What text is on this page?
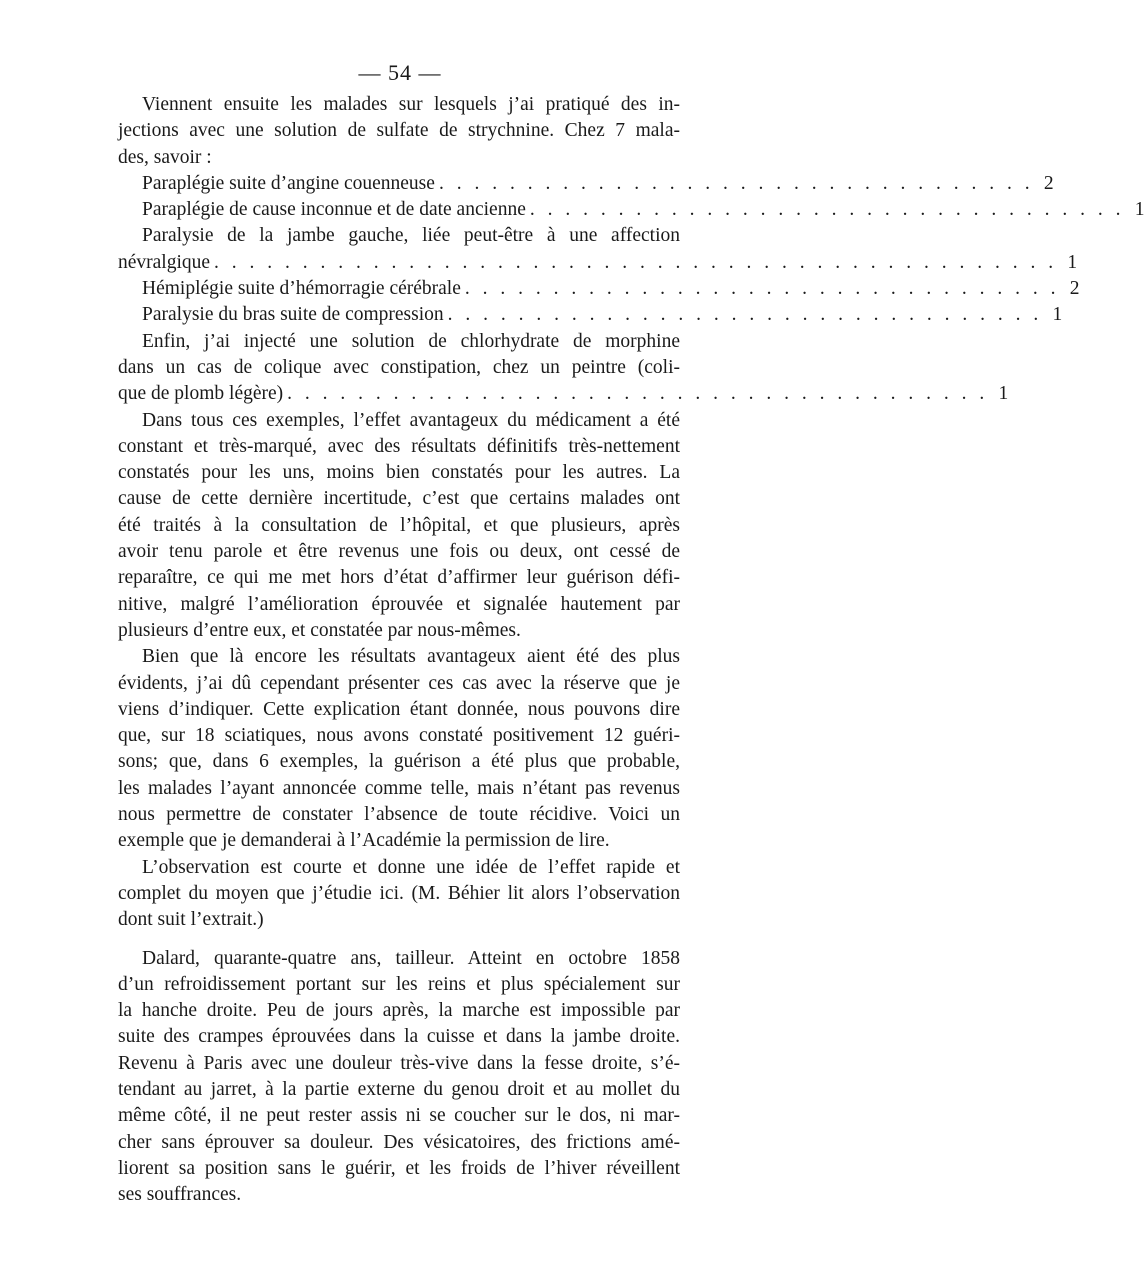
— 54 —
Viennent ensuite les malades sur lesquels j’ai pratiqué des in-
jections avec une solution de sulfate de strychnine. Chez 7 mala-
des, savoir :
Paraplégie suite d’angine couenneuse . . . . . . . . . . . . . . . . . . . . . . . . . . . . . . . . . . 2
Paraplégie de cause inconnue et de date ancienne . . . . . . . . . . . . . . . . . . . . . . . . . . . . . . . . . . 1
Paralysie de la jambe gauche, liée peut-être à une affection
névralgique . . . . . . . . . . . . . . . . . . . . . . . . . . . . . . . . . . . . . . . . . . . . . . . . 1
Hémiplégie suite d’hémorragie cérébrale . . . . . . . . . . . . . . . . . . . . . . . . . . . . . . . . . . 2
Paralysie du bras suite de compression . . . . . . . . . . . . . . . . . . . . . . . . . . . . . . . . . . 1
Enfin, j’ai injecté une solution de chlorhydrate de morphine
dans un cas de colique avec constipation, chez un peintre (coli-
que de plomb légère) . . . . . . . . . . . . . . . . . . . . . . . . . . . . . . . . . . . . . . . . 1
Dans tous ces exemples, l’effet avantageux du médicament a été
constant et très-marqué, avec des résultats définitifs très-nettement
constatés pour les uns, moins bien constatés pour les autres. La
cause de cette dernière incertitude, c’est que certains malades ont
été traités à la consultation de l’hôpital, et que plusieurs, après
avoir tenu parole et être revenus une fois ou deux, ont cessé de
reparaître, ce qui me met hors d’état d’affirmer leur guérison défi-
nitive, malgré l’amélioration éprouvée et signalée hautement par
plusieurs d’entre eux, et constatée par nous-mêmes.
Bien que là encore les résultats avantageux aient été des plus
évidents, j’ai dû cependant présenter ces cas avec la réserve que je
viens d’indiquer. Cette explication étant donnée, nous pouvons dire
que, sur 18 sciatiques, nous avons constaté positivement 12 guéri-
sons; que, dans 6 exemples, la guérison a été plus que probable,
les malades l’ayant annoncée comme telle, mais n’étant pas revenus
nous permettre de constater l’absence de toute récidive. Voici un
exemple que je demanderai à l’Académie la permission de lire.
L’observation est courte et donne une idée de l’effet rapide et
complet du moyen que j’étudie ici. (M. Béhier lit alors l’observation
dont suit l’extrait.)
Dalard, quarante-quatre ans, tailleur. Atteint en octobre 1858
d’un refroidissement portant sur les reins et plus spécialement sur
la hanche droite. Peu de jours après, la marche est impossible par
suite des crampes éprouvées dans la cuisse et dans la jambe droite.
Revenu à Paris avec une douleur très-vive dans la fesse droite, s’é-
tendant au jarret, à la partie externe du genou droit et au mollet du
même côté, il ne peut rester assis ni se coucher sur le dos, ni mar-
cher sans éprouver sa douleur. Des vésicatoires, des frictions amé-
liorent sa position sans le guérir, et les froids de l’hiver réveillent
ses souffrances.
